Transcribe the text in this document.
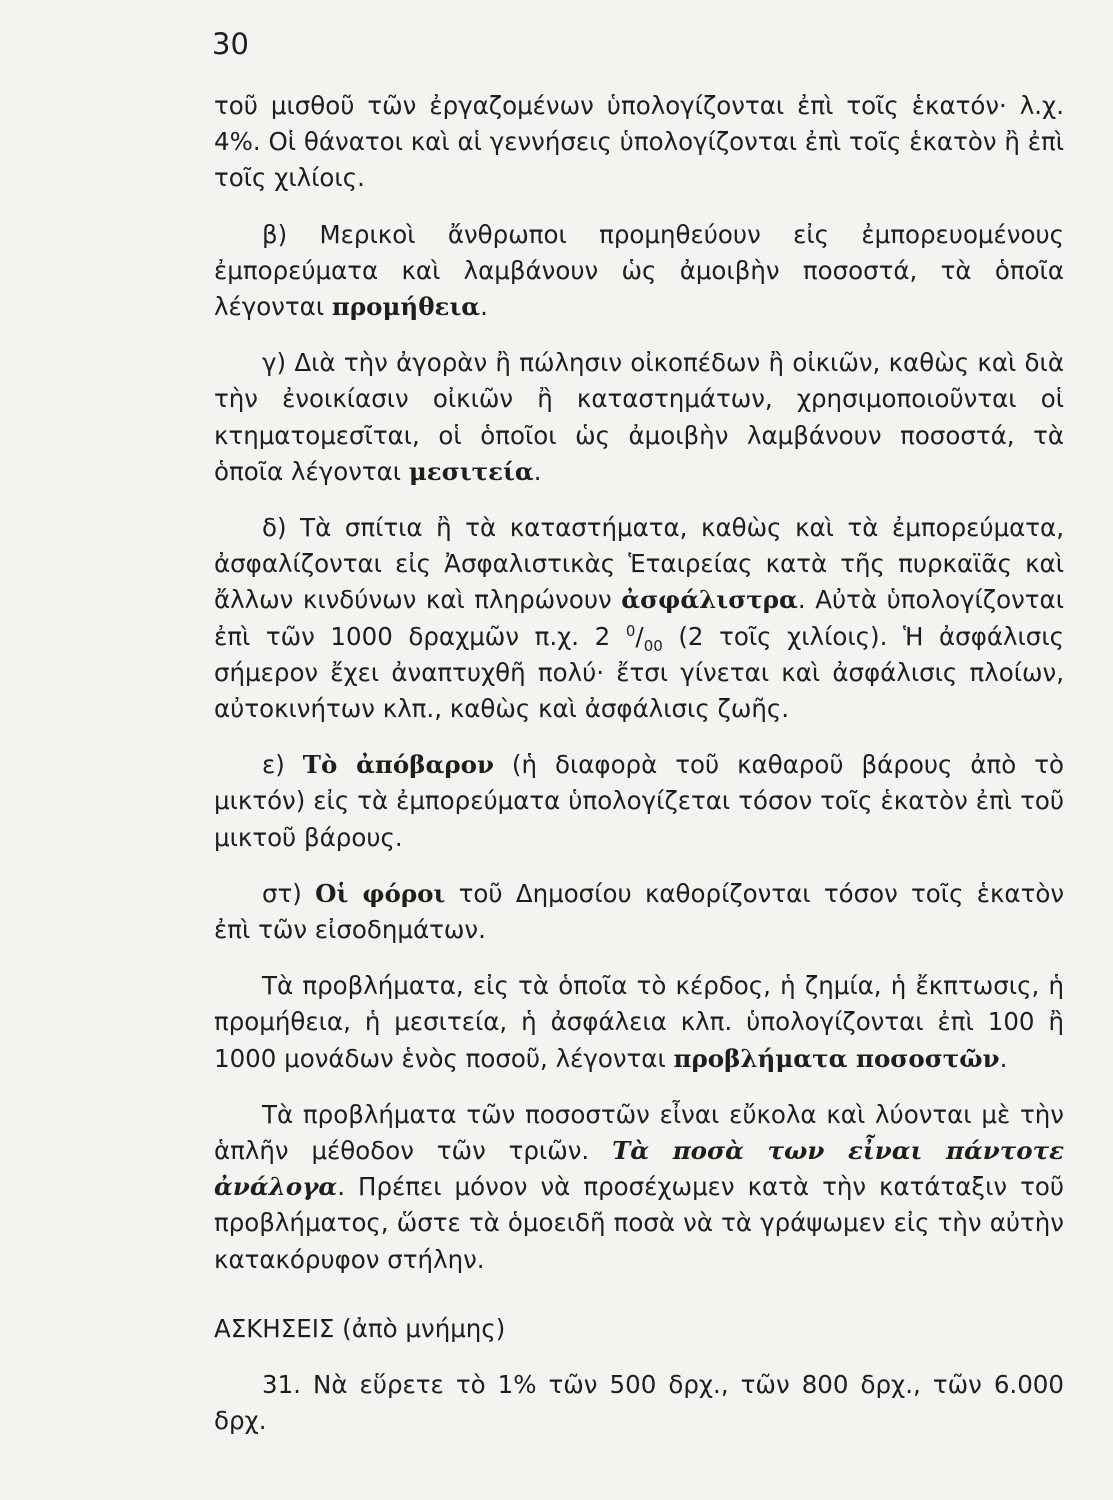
30

τοῦ μισθοῦ τῶν ἐργαζομένων ὑπολογίζονται ἐπὶ τοῖς ἑκατόν· λ.χ. 4%. Οἱ θάνατοι καὶ αἱ γεννήσεις ὑπολογίζονται ἐπὶ τοῖς ἑκατὸν ἢ ἐπὶ τοῖς χιλίοις.

β) Μερικοὶ ἄνθρωποι προμηθεύουν εἰς ἐμπορευομένους ἐμπορεύματα καὶ λαμβάνουν ὡς ἀμοιβὴν ποσοστά, τὰ ὁποῖα λέγονται προμήθεια.

γ) Διὰ τὴν ἀγορὰν ἢ πώλησιν οἰκοπέδων ἢ οἰκιῶν, καθὼς καὶ διὰ τὴν ἐνοικίασιν οἰκιῶν ἢ καταστημάτων, χρησιμοποιοῦνται οἱ κτηματομεσῖται, οἱ ὁποῖοι ὡς ἀμοιβὴν λαμβάνουν ποσοστά, τὰ ὁποῖα λέγονται μεσιτεία.

δ) Τὰ σπίτια ἢ τὰ καταστήματα, καθὼς καὶ τὰ ἐμπορεύματα, ἀσφαλίζονται εἰς Ἀσφαλιστικὰς Ἑταιρείας κατὰ τῆς πυρκαϊᾶς καὶ ἄλλων κινδύνων καὶ πληρώνουν ἀσφάλιστρα. Αὐτὰ ὑπολογίζονται ἐπὶ τῶν 1000 δραχμῶν π.χ. 2 $^0/_{00}$ (2 τοῖς χιλίοις). Ἡ ἀσφάλισις σήμερον ἔχει ἀναπτυχθῆ πολύ· ἔτσι γίνεται καὶ ἀσφάλισις πλοίων, αὐτοκινήτων κλπ., καθὼς καὶ ἀσφάλισις ζωῆς.

ε) Τὸ ἀπόβαρον (ἡ διαφορὰ τοῦ καθαροῦ βάρους ἀπὸ τὸ μικτόν) εἰς τὰ ἐμπορεύματα ὑπολογίζεται τόσον τοῖς ἑκατὸν ἐπὶ τοῦ μικτοῦ βάρους.

στ) Οἱ φόροι τοῦ Δημοσίου καθορίζονται τόσον τοῖς ἑκατὸν ἐπὶ τῶν εἰσοδημάτων.

Τὰ προβλήματα, εἰς τὰ ὁποῖα τὸ κέρδος, ἡ ζημία, ἡ ἔκπτωσις, ἡ προμήθεια, ἡ μεσιτεία, ἡ ἀσφάλεια κλπ. ὑπολογίζονται ἐπὶ 100 ἢ 1000 μονάδων ἑνὸς ποσοῦ, λέγονται προβλήματα ποσοστῶν.

Τὰ προβλήματα τῶν ποσοστῶν εἶναι εὔκολα καὶ λύονται μὲ τὴν ἁπλῆν μέθοδον τῶν τριῶν. Τὰ ποσὰ των εἶναι πάντοτε ἀνάλογα. Πρέπει μόνον νὰ προσέχωμεν κατὰ τὴν κατάταξιν τοῦ προβλήματος, ὥστε τὰ ὁμοειδῆ ποσὰ νὰ τὰ γράψωμεν εἰς τὴν αὐτὴν κατακόρυφον στήλην.

ΑΣΚΗΣΕΙΣ (ἀπὸ μνήμης)

31. Νὰ εὕρετε τὸ 1% τῶν 500 δρχ., τῶν 800 δρχ., τῶν 6.000 δρχ.
